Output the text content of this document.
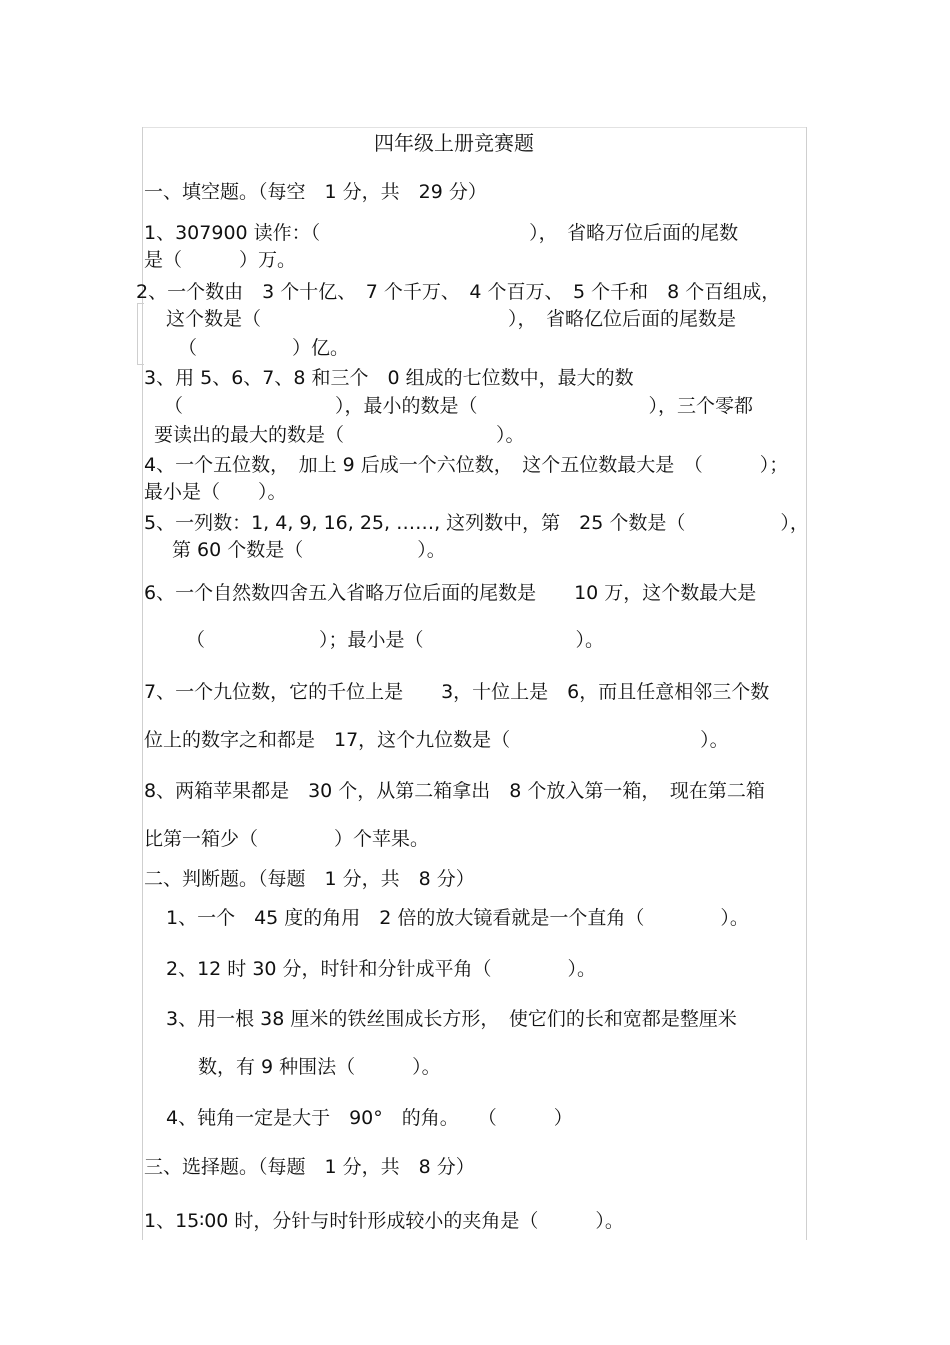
四年级上册竞赛题
一、填空题。（每空　1 分，共　29 分）
1、307900 读作：（　　　　　　　　　　　），　省略万位后面的尾数
是（　　　）万。
2、一个数由　3 个十亿、　7 个千万、　4 个百万、　5 个千和　8 个百组成，
这个数是（　　　　　　　　　　　　　），　省略亿位后面的尾数是
（　　　　　）亿。
3、用 5、6、7、8 和三个　0 组成的七位数中，最大的数
（　　　　　　　　），最小的数是（　　　　　　　　　），三个零都
要读出的最大的数是（　　　　　　　　）。
4、一个五位数，　加上 9 后成一个六位数，　这个五位数最大是　（　　　）；
最小是（　　）。
5、一列数：1, 4, 9, 16, 25, ……, 这列数中，第　25 个数是（　　　　　），
第 60 个数是（　　　　　　）。
6、一个自然数四舍五入省略万位后面的尾数是　　10 万，这个数最大是
（　　　　　　）；最小是（　　　　　　　　）。
7、一个九位数，它的千位上是　　3，十位上是　6，而且任意相邻三个数
位上的数字之和都是　17，这个九位数是（　　　　　　　　　　）。
8、两箱苹果都是　30 个，从第二箱拿出　8 个放入第一箱，　现在第二箱
比第一箱少（　　　　）个苹果。
二、判断题。（每题　1 分，共　8 分）
1、一个　45 度的角用　2 倍的放大镜看就是一个直角（　　　　）。
2、12 时 30 分，时针和分针成平角（　　　　）。
3、用一根 38 厘米的铁丝围成长方形，　使它们的长和宽都是整厘米
数，有 9 种围法（　　　）。
4、钝角一定是大于　90°　的角。　　（　　　）
三、选择题。（每题　1 分，共　8 分）
1、15∶00 时，分针与时针形成较小的夹角是（　　　）。
